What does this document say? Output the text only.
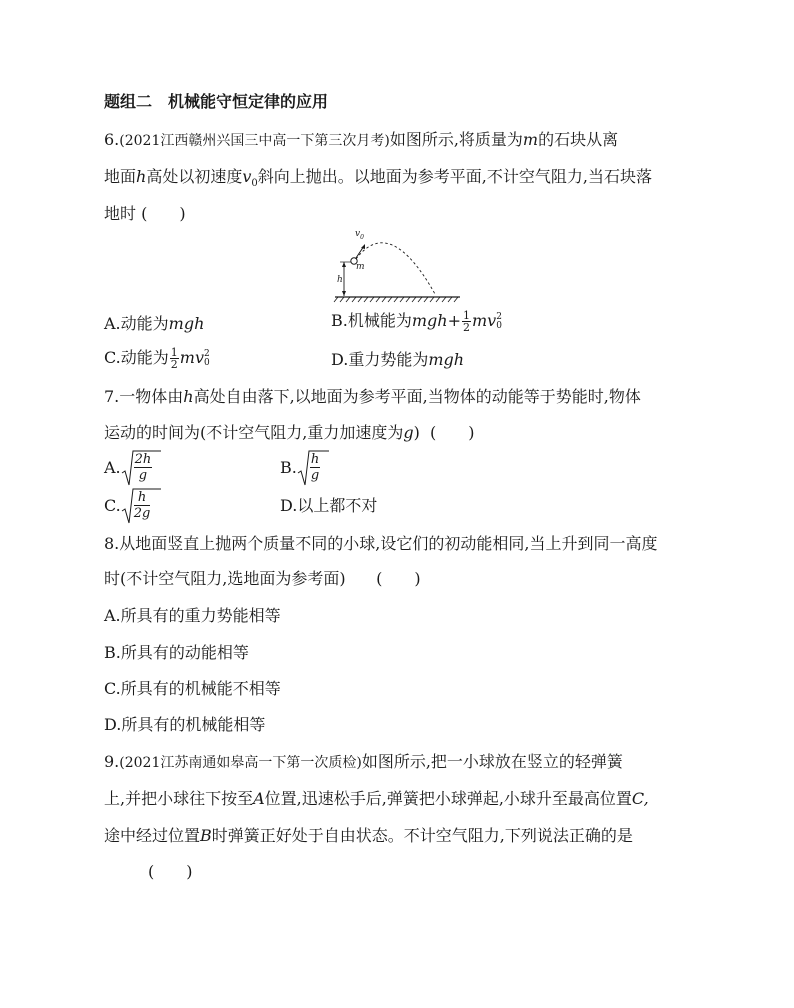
题组二　机械能守恒定律的应用
6.(2021江西赣州兴国三中高一下第三次月考)如图所示,将质量为m的石块从离
地面h高处以初速度$v_0$斜向上抛出。以地面为参考平面,不计空气阻力,当石块落
地时 (　　)
$v_0$
m
h
A.动能为mgh	B.机械能为$mgh+ \frac{1}{2}$ mv 2
0
C.动能为 $\frac{1}{2}$ mv 2
0	D.重力势能为mgh
7.一物体由h高处自由落下,以地面为参考平面,当物体的动能等于势能时,物体
运动的时间为(不计空气阻力,重力加速度为g) (　　)
A. $\frac{2h}{g}$	B. $\frac{h}{g}$
C. $\frac{h}{2g}$	D.以上都不对
8.从地面竖直上抛两个质量不同的小球,设它们的初动能相同,当上升到同一高度
时(不计空气阻力,选地面为参考面) (　　)
A.所具有的重力势能相等
B.所具有的动能相等
C.所具有的机械能不相等
D.所具有的机械能相等
9.(2021江苏南通如皋高一下第一次质检)如图所示,把一小球放在竖立的轻弹簧
上,并把小球往下按至A位置,迅速松手后,弹簧把小球弹起,小球升至最高位置C,
途中经过位置B时弹簧正好处于自由状态。不计空气阻力,下列说法正确的是
(　　)
